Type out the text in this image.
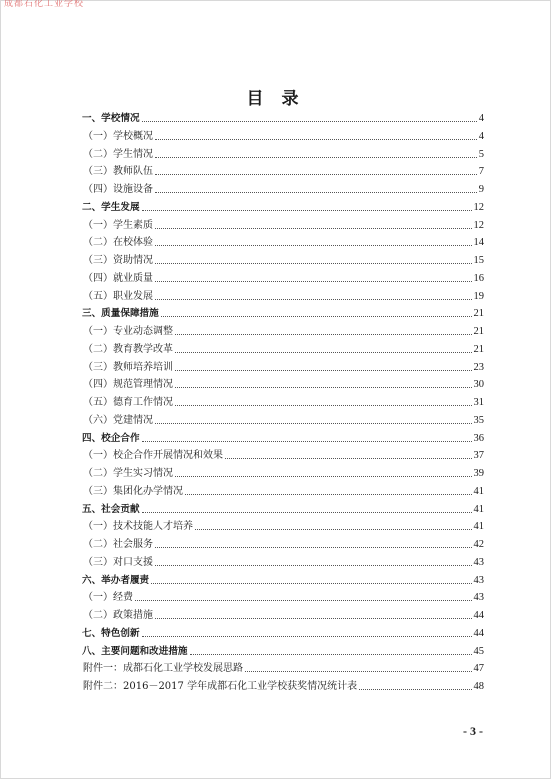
成都石化工业学校
目 录
一、学校情况	4
（一）学校概况	4
（二）学生情况	5
（三）教师队伍	7
（四）设施设备	9
二、学生发展	12
（一）学生素质	12
（二）在校体验	14
（三）资助情况	15
（四）就业质量	16
（五）职业发展	19
三、质量保障措施	21
（一）专业动态调整	21
（二）教育教学改革	21
（三）教师培养培训	23
（四）规范管理情况	30
（五）德育工作情况	31
（六）党建情况	35
四、校企合作	36
（一）校企合作开展情况和效果	37
（二）学生实习情况	39
（三）集团化办学情况	41
五、社会贡献	41
（一）技术技能人才培养	41
（二）社会服务	42
（三）对口支援	43
六、举办者履责	43
（一）经费	43
（二）政策措施	44
七、特色创新	44
八、主要问题和改进措施	45
附件一：成都石化工业学校发展思路	47
附件二：2016－2017 学年成都石化工业学校获奖情况统计表	48
- 3 -
